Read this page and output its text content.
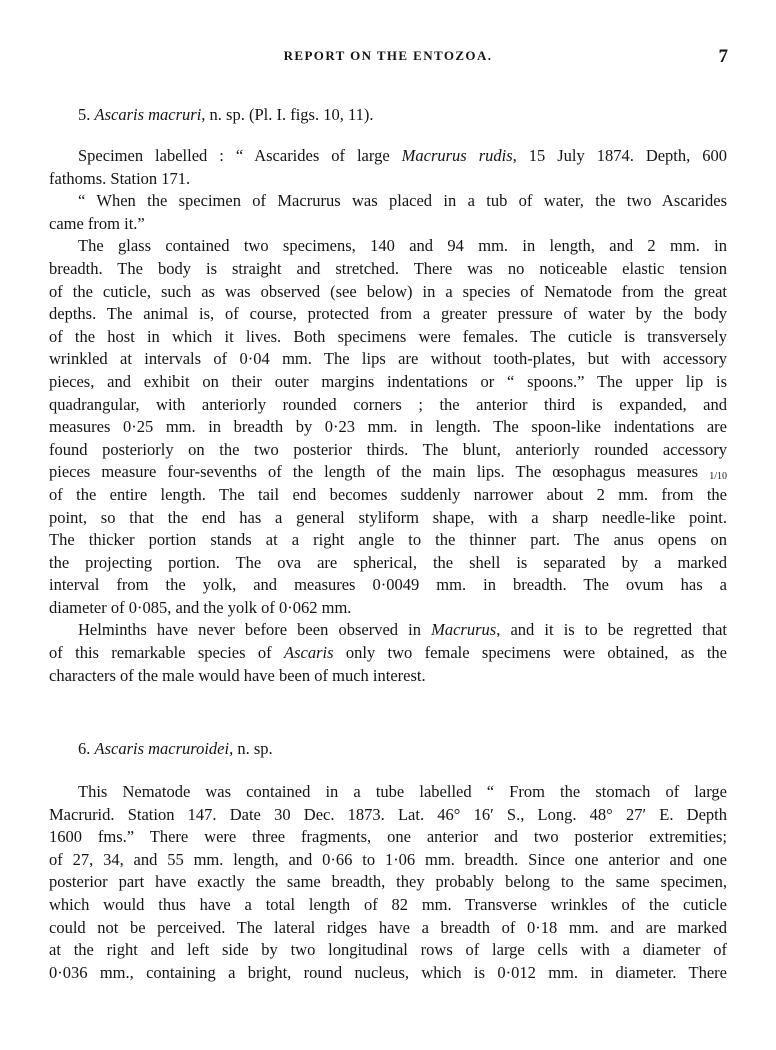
REPORT ON THE ENTOZOA.	7
5. Ascaris macruri, n. sp. (Pl. I. figs. 10, 11).
Specimen labelled : “ Ascarides of large Macrurus rudis, 15 July 1874. Depth, 600
fathoms. Station 171.
“ When the specimen of Macrurus was placed in a tub of water, the two Ascarides
came from it.”
The glass contained two specimens, 140 and 94 mm. in length, and 2 mm. in
breadth. The body is straight and stretched. There was no noticeable elastic tension
of the cuticle, such as was observed (see below) in a species of Nematode from the great
depths. The animal is, of course, protected from a greater pressure of water by the body
of the host in which it lives. Both specimens were females. The cuticle is transversely
wrinkled at intervals of 0·04 mm. The lips are without tooth-plates, but with accessory
pieces, and exhibit on their outer margins indentations or “ spoons.” The upper lip is
quadrangular, with anteriorly rounded corners ; the anterior third is expanded, and
measures 0·25 mm. in breadth by 0·23 mm. in length. The spoon-like indentations are
found posteriorly on the two posterior thirds. The blunt, anteriorly rounded accessory
pieces measure four-sevenths of the length of the main lips. The œsophagus measures 1/10
of the entire length. The tail end becomes suddenly narrower about 2 mm. from the
point, so that the end has a general styliform shape, with a sharp needle-like point.
The thicker portion stands at a right angle to the thinner part. The anus opens on
the projecting portion. The ova are spherical, the shell is separated by a marked
interval from the yolk, and measures 0·0049 mm. in breadth. The ovum has a
diameter of 0·085, and the yolk of 0·062 mm.
Helminths have never before been observed in Macrurus, and it is to be regretted that
of this remarkable species of Ascaris only two female specimens were obtained, as the
characters of the male would have been of much interest.
6. Ascaris macruroidei, n. sp.
This Nematode was contained in a tube labelled “ From the stomach of large
Macrurid. Station 147. Date 30 Dec. 1873. Lat. 46° 16′ S., Long. 48° 27′ E. Depth
1600 fms.” There were three fragments, one anterior and two posterior extremities;
of 27, 34, and 55 mm. length, and 0·66 to 1·06 mm. breadth. Since one anterior and one
posterior part have exactly the same breadth, they probably belong to the same specimen,
which would thus have a total length of 82 mm. Transverse wrinkles of the cuticle
could not be perceived. The lateral ridges have a breadth of 0·18 mm. and are marked
at the right and left side by two longitudinal rows of large cells with a diameter of
0·036 mm., containing a bright, round nucleus, which is 0·012 mm. in diameter. There
